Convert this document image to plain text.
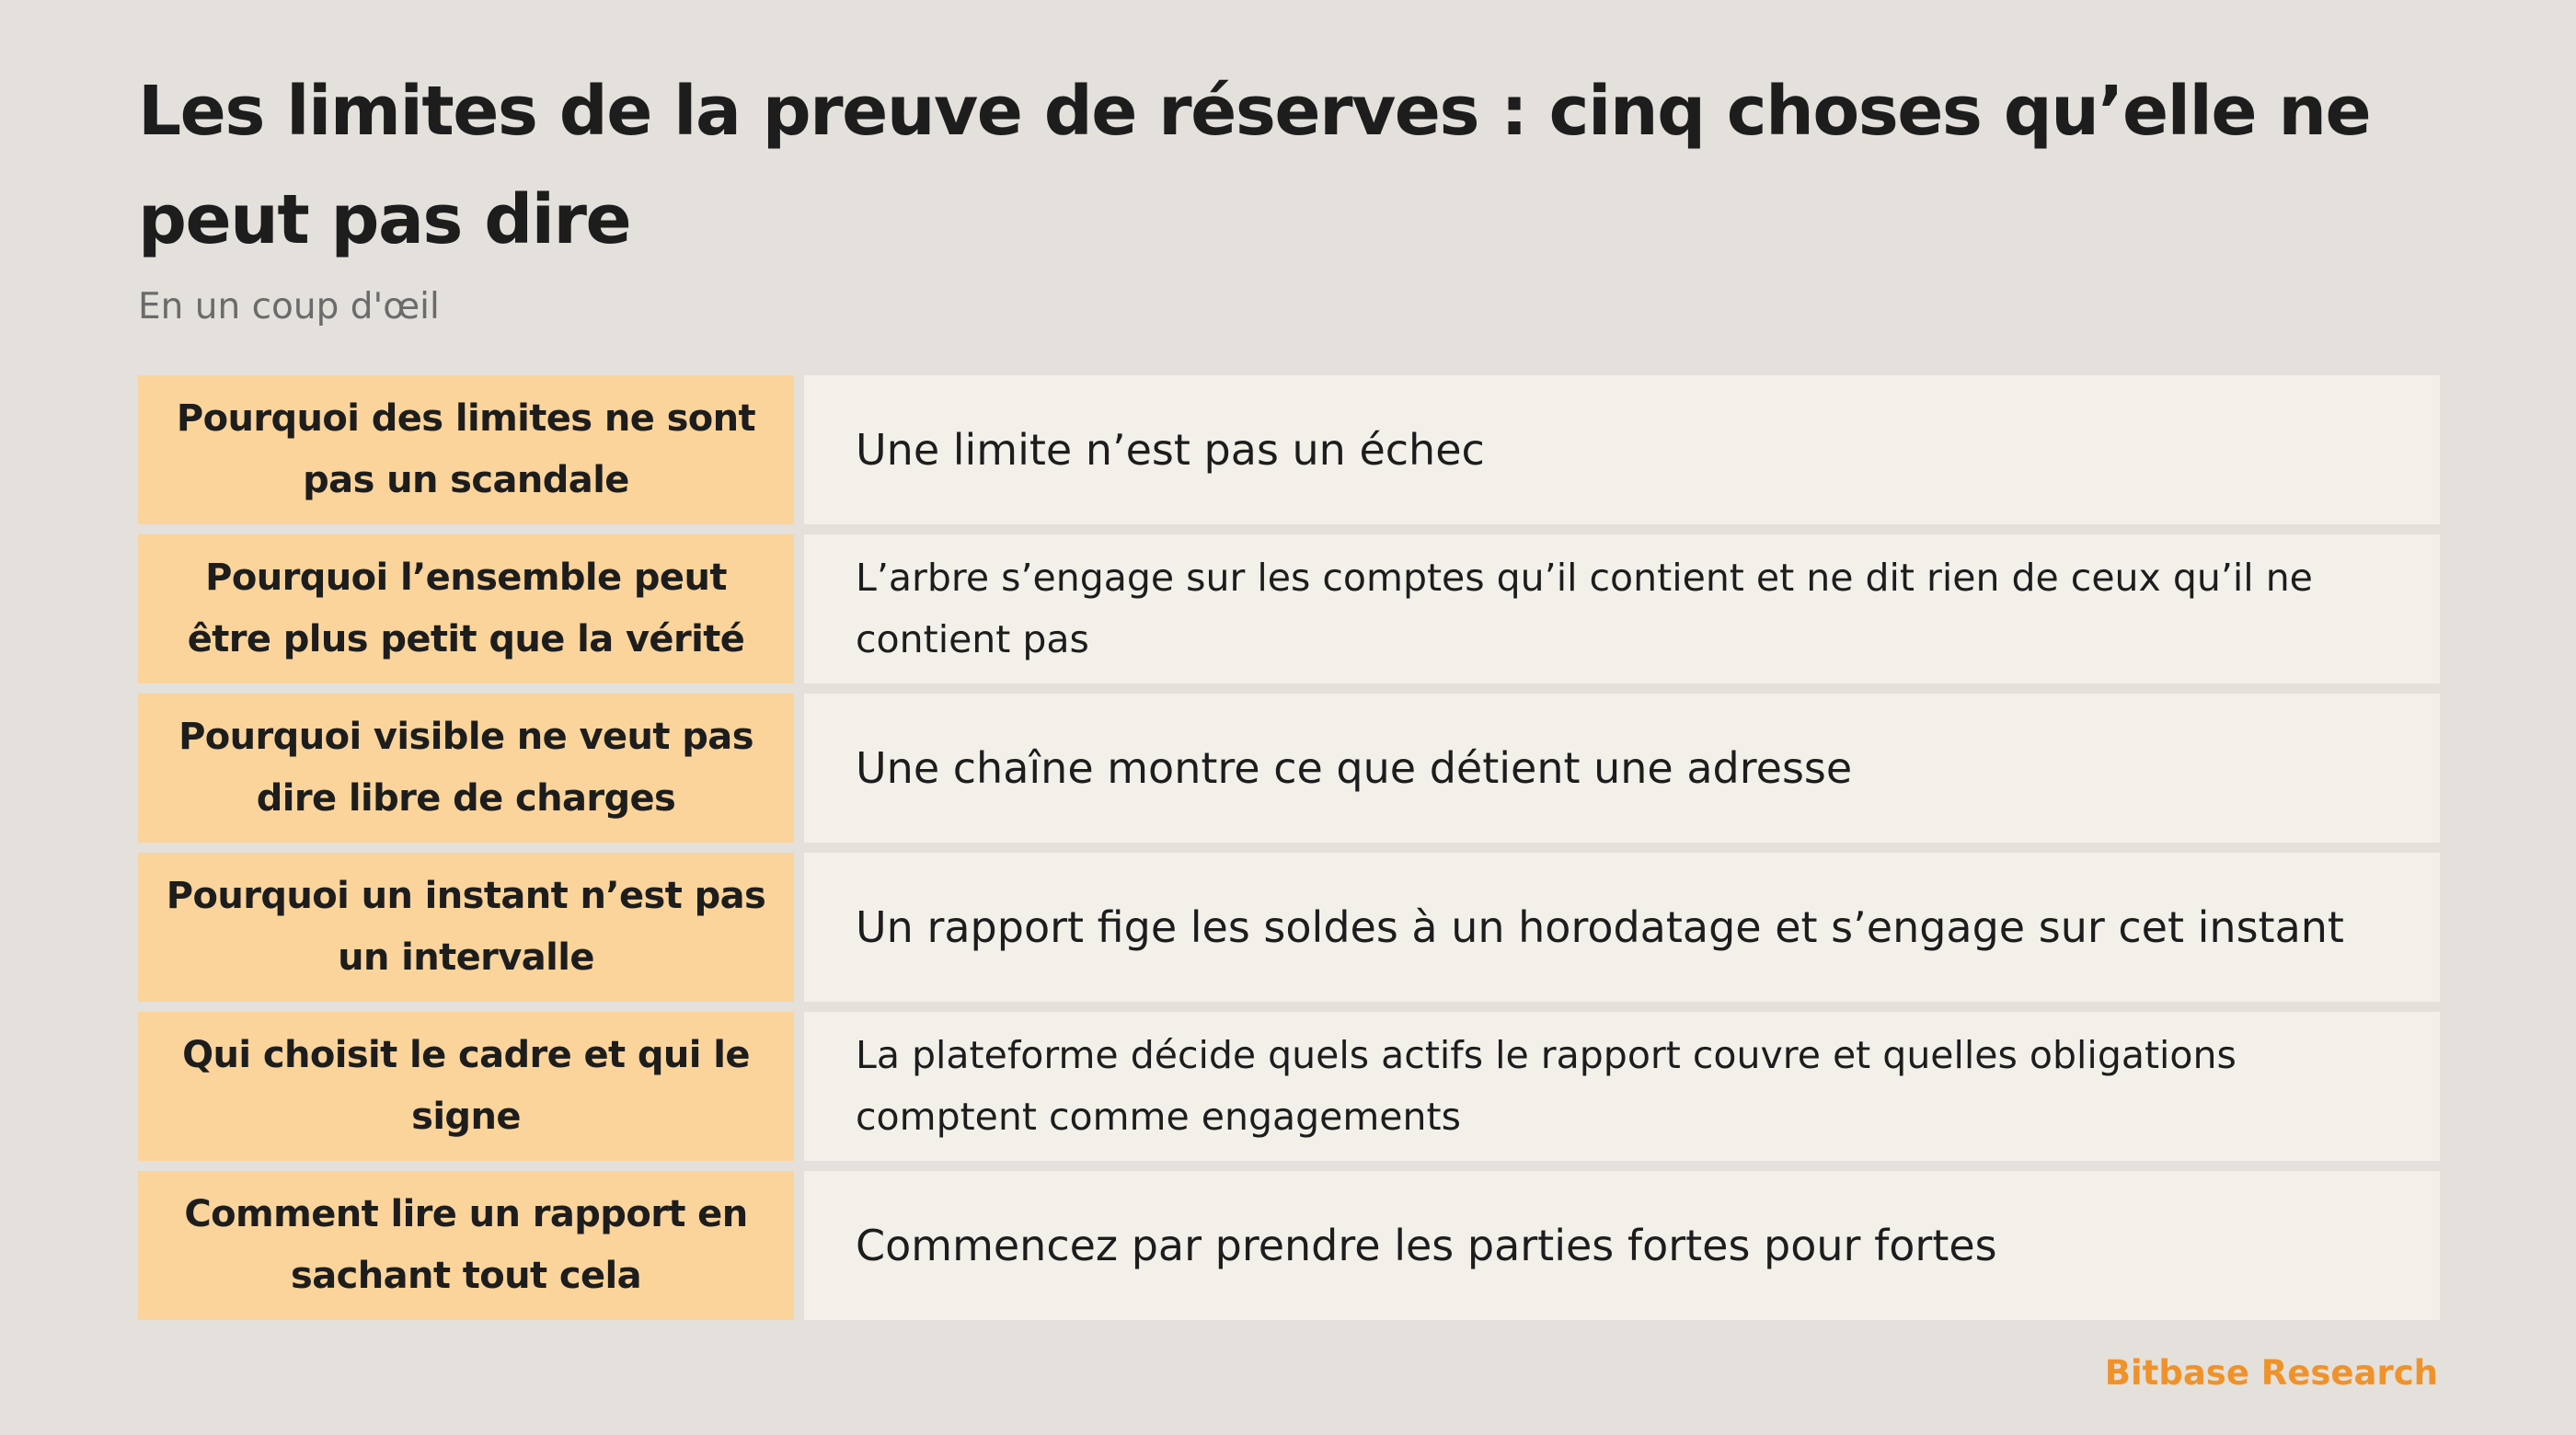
Les limites de la preuve de réserves : cinq choses qu’elle ne peut pas dire

En un coup d'œil

Pourquoi des limites ne sont pas un scandale
Une limite n’est pas un échec
Pourquoi l’ensemble peut être plus petit que la vérité
L’arbre s’engage sur les comptes qu’il contient et ne dit rien de ceux qu’il ne contient pas
Pourquoi visible ne veut pas dire libre de charges
Une chaîne montre ce que détient une adresse
Pourquoi un instant n’est pas un intervalle
Un rapport fige les soldes à un horodatage et s’engage sur cet instant
Qui choisit le cadre et qui le signe
La plateforme décide quels actifs le rapport couvre et quelles obligations comptent comme engagements
Comment lire un rapport en sachant tout cela
Commencez par prendre les parties fortes pour fortes
Bitbase Research
